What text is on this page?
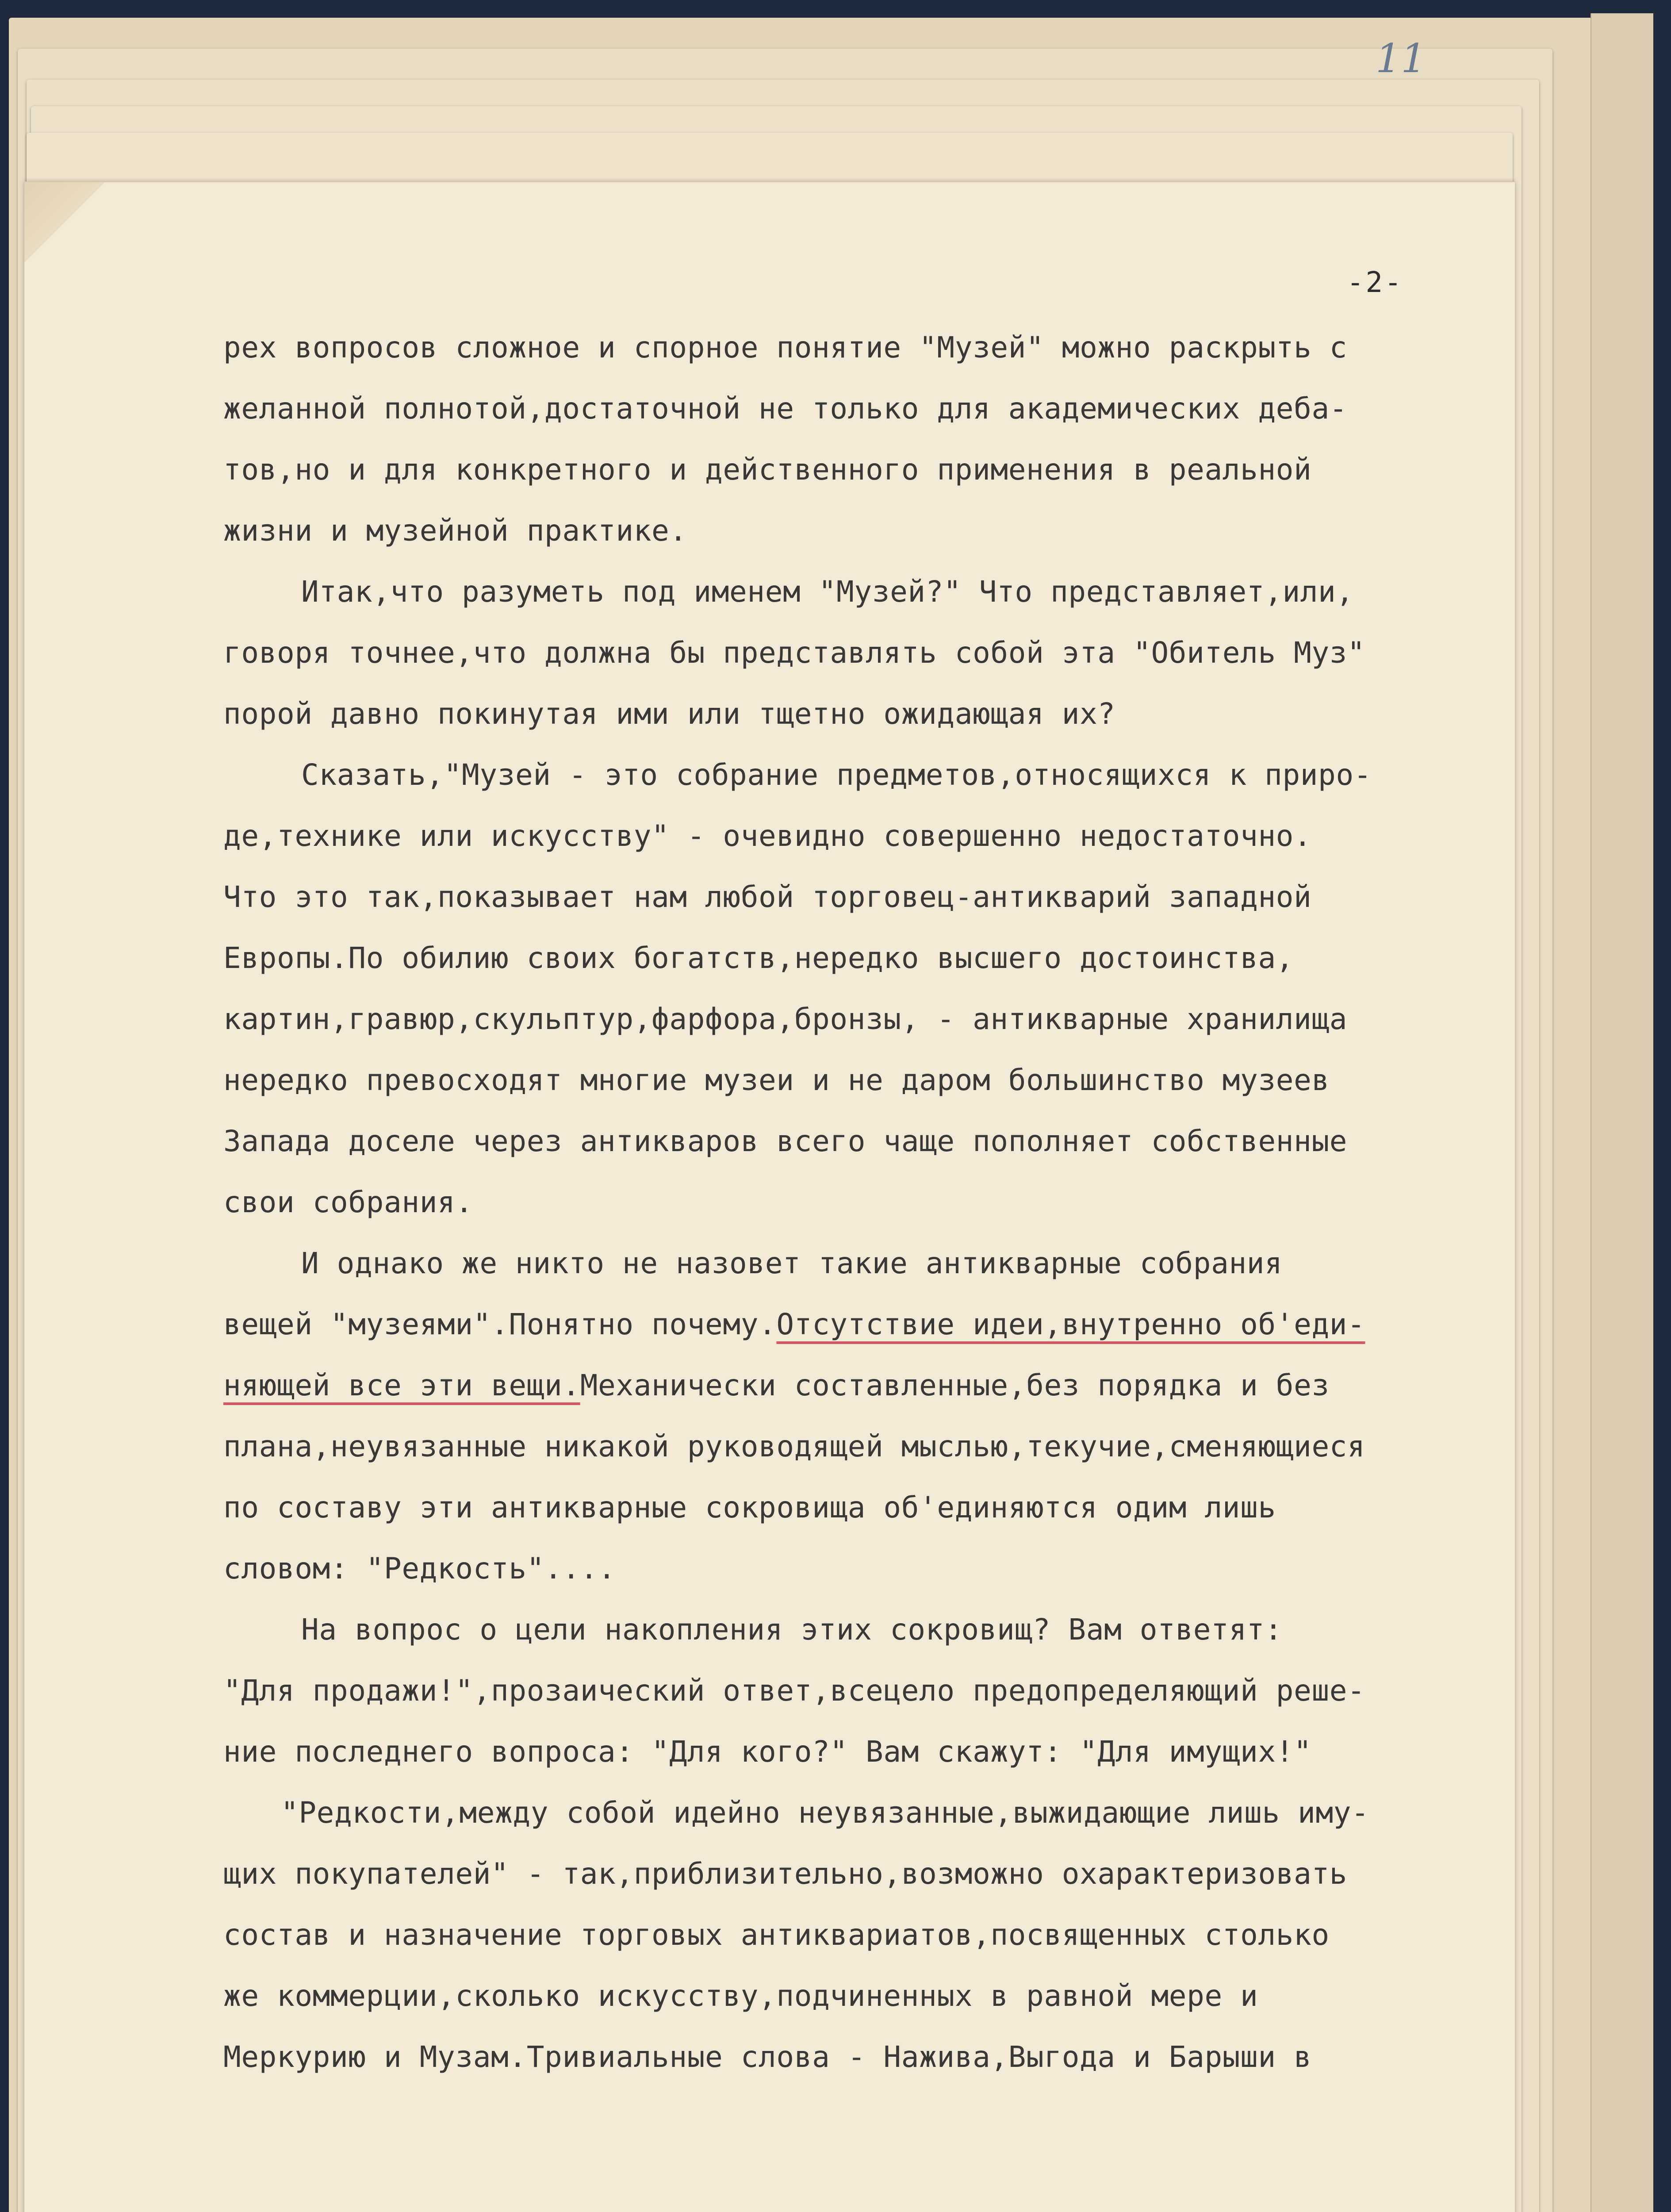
11
-2-
рех вопросов сложное и спорное понятие "Музей" можно раскрыть с
желанной полнотой,достаточной не только для академических деба-
тов,но и для конкретного и действенного применения в реальной
жизни и музейной практике.
Итак,что разуметь под именем "Музей?" Что представляет,или,
говоря точнее,что должна бы представлять собой эта "Обитель Муз"
порой давно покинутая ими или тщетно ожидающая их?
Сказать,"Музей - это собрание предметов,относящихся к приро-
де,технике или искусству" - очевидно совершенно недостаточно.
Что это так,показывает нам любой торговец-антикварий западной
Европы.По обилию своих богатств,нередко высшего достоинства,
картин,гравюр,скульптур,фарфора,бронзы, - антикварные хранилища
нередко превосходят многие музеи и не даром большинство музеев
Запада доселе через антикваров всего чаще пополняет собственные
свои собрания.
И однако же никто не назовет такие антикварные собрания
вещей "музеями".Понятно почему.Отсутствие идеи,внутренно об'еди-
няющей все эти вещи.Механически составленные,без порядка и без
плана,неувязанные никакой руководящей мыслью,текучие,сменяющиеся
по составу эти антикварные сокровища об'единяются одим лишь
словом: "Редкость"....
На вопрос о цели накопления этих сокровищ? Вам ответят:
"Для продажи!",прозаический ответ,всецело предопределяющий реше-
ние последнего вопроса: "Для кого?" Вам скажут: "Для имущих!"
"Редкости,между собой идейно неувязанные,выжидающие лишь иму-
щих покупателей" - так,приблизительно,возможно охарактеризовать
состав и назначение торговых антиквариатов,посвященных столько
же коммерции,сколько искусству,подчиненных в равной мере и
Меркурию и Музам.Тривиальные слова - Нажива,Выгода и Барыши в
